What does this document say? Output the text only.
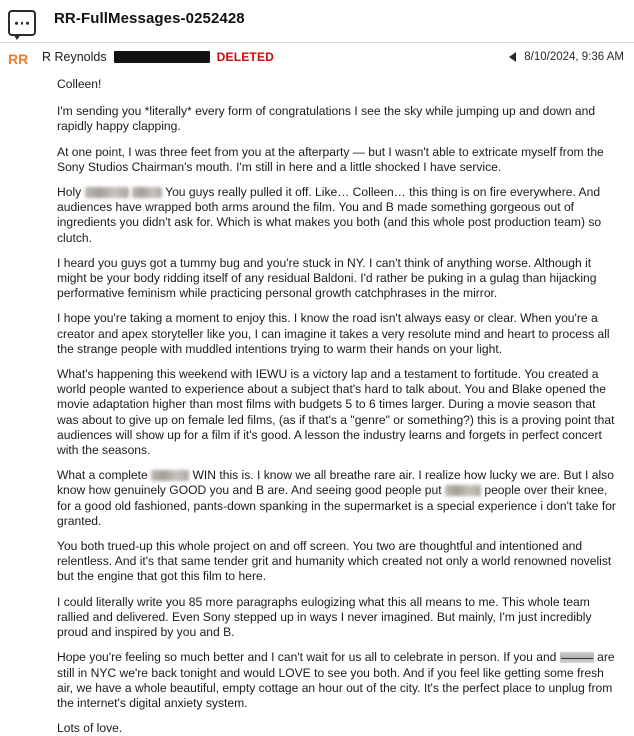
RR-FullMessages-0252428
RR	R Reynolds	DELETED	8/10/2024, 9:36 AM

Colleen!

I'm sending you *literally* every form of congratulations I see the sky while jumping up and down and rapidly happy clapping.

At one point, I was three feet from you at the afterparty — but I wasn't able to extricate myself from the Sony Studios Chairman's mouth. I'm still in here and a little shocked I have service.

Holy	You guys really pulled it off. Like… Colleen… this thing is on fire everywhere. And audiences have wrapped both arms around the film. You and B made something gorgeous out of ingredients you didn't ask for. Which is what makes you both (and this whole post production team) so clutch.

I heard you guys got a tummy bug and you're stuck in NY. I can't think of anything worse. Although it might be your body ridding itself of any residual Baldoni. I'd rather be puking in a gulag than hijacking performative feminism while practicing personal growth catchphrases in the mirror.

I hope you're taking a moment to enjoy this. I know the road isn't always easy or clear. When you're a creator and apex storyteller like you, I can imagine it takes a very resolute mind and heart to process all the strange people with muddled intentions trying to warm their hands on your light.

What's happening this weekend with IEWU is a victory lap and a testament to fortitude. You created a world people wanted to experience about a subject that's hard to talk about. You and Blake opened the movie adaptation higher than most films with budgets 5 to 6 times larger. During a movie season that was about to give up on female led films, (as if that's a "genre" or something?) this is a proving point that audiences will show up for a film if it's good. A lesson the industry learns and forgets in perfect concert with the seasons.

What a complete	WIN this is. I know we all breathe rare air. I realize how lucky we are. But I also know how genuinely GOOD you and B are. And seeing good people put	people over their knee, for a good old fashioned, pants-down spanking in the supermarket is a special experience i don't take for granted.

You both trued-up this whole project on and off screen. You two are thoughtful and intentioned and relentless. And it's that same tender grit and humanity which created not only a world renowned novelist but the engine that got this film to here.

I could literally write you 85 more paragraphs eulogizing what this all means to me. This whole team rallied and delivered. Even Sony stepped up in ways I never imagined. But mainly, I'm just incredibly proud and inspired by you and B.

Hope you're feeling so much better and I can't wait for us all to celebrate in person. If you and	are still in NYC we're back tonight and would LOVE to see you both. And if you feel like getting some fresh air, we have a whole beautiful, empty cottage an hour out of the city. It's the perfect place to unplug from the internet's digital anxiety system.

Lots of love.
